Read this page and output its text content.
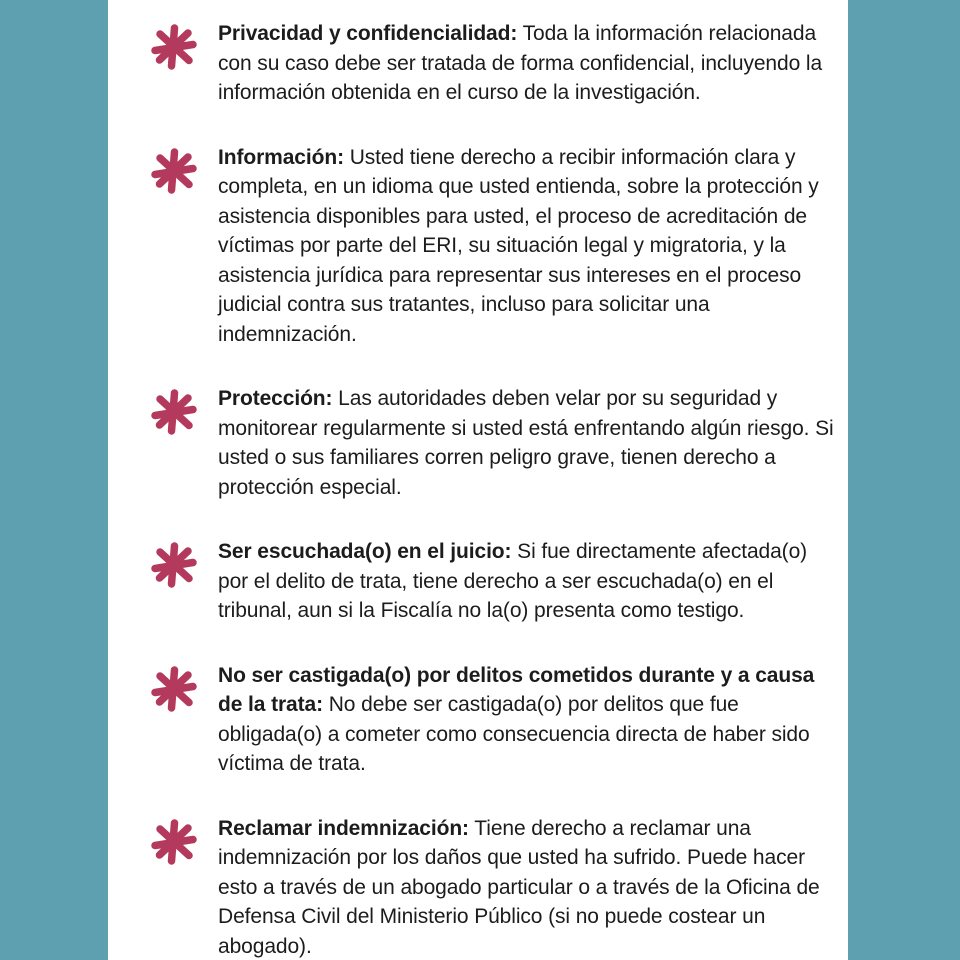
Privacidad y confidencialidad: Toda la información relacionada con su caso debe ser tratada de forma confidencial, incluyendo la información obtenida en el curso de la investigación.

Información: Usted tiene derecho a recibir información clara y completa, en un idioma que usted entienda, sobre la protección y asistencia disponibles para usted, el proceso de acreditación de víctimas por parte del ERI, su situación legal y migratoria, y la asistencia jurídica para representar sus intereses en el proceso judicial contra sus tratantes, incluso para solicitar una indemnización.

Protección: Las autoridades deben velar por su seguridad y monitorear regularmente si usted está enfrentando algún riesgo. Si usted o sus familiares corren peligro grave, tienen derecho a protección especial.

Ser escuchada(o) en el juicio: Si fue directamente afectada(o) por el delito de trata, tiene derecho a ser escuchada(o) en el tribunal, aun si la Fiscalía no la(o) presenta como testigo.

No ser castigada(o) por delitos cometidos durante y a causa de la trata: No debe ser castigada(o) por delitos que fue obligada(o) a cometer como consecuencia directa de haber sido víctima de trata.

Reclamar indemnización: Tiene derecho a reclamar una indemnización por los daños que usted ha sufrido. Puede hacer esto a través de un abogado particular o a través de la Oficina de Defensa Civil del Ministerio Público (si no puede costear un abogado).
